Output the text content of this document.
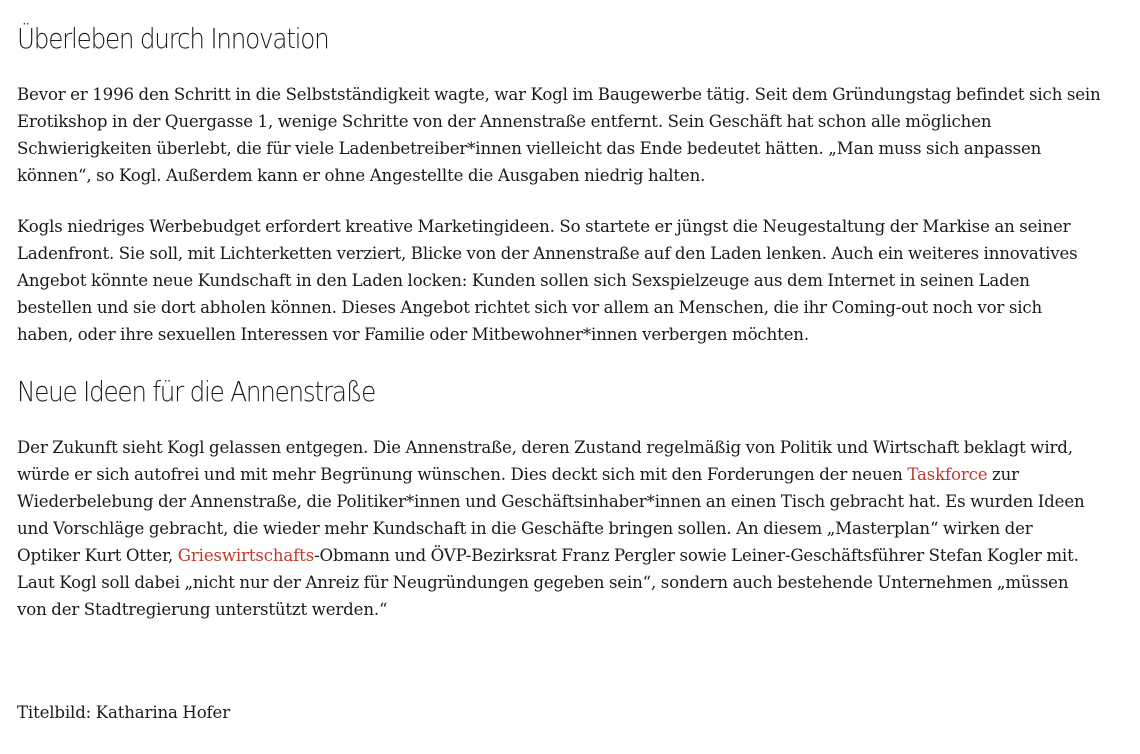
Überleben durch Innovation

Bevor er 1996 den Schritt in die Selbstständigkeit wagte, war Kogl im Baugewerbe tätig. Seit dem Gründungstag befindet sich sein
Erotikshop in der Quergasse 1, wenige Schritte von der Annenstraße entfernt. Sein Geschäft hat schon alle möglichen
Schwierigkeiten überlebt, die für viele Ladenbetreiber*innen vielleicht das Ende bedeutet hätten. „Man muss sich anpassen
können“, so Kogl. Außerdem kann er ohne Angestellte die Ausgaben niedrig halten.

Kogls niedriges Werbebudget erfordert kreative Marketingideen. So startete er jüngst die Neugestaltung der Markise an seiner
Ladenfront. Sie soll, mit Lichterketten verziert, Blicke von der Annenstraße auf den Laden lenken. Auch ein weiteres innovatives
Angebot könnte neue Kundschaft in den Laden locken: Kunden sollen sich Sexspielzeuge aus dem Internet in seinen Laden
bestellen und sie dort abholen können. Dieses Angebot richtet sich vor allem an Menschen, die ihr Coming-out noch vor sich
haben, oder ihre sexuellen Interessen vor Familie oder Mitbewohner*innen verbergen möchten.

Neue Ideen für die Annenstraße

Der Zukunft sieht Kogl gelassen entgegen. Die Annenstraße, deren Zustand regelmäßig von Politik und Wirtschaft beklagt wird,
würde er sich autofrei und mit mehr Begrünung wünschen. Dies deckt sich mit den Forderungen der neuen Taskforce zur
Wiederbelebung der Annenstraße, die Politiker*innen und Geschäftsinhaber*innen an einen Tisch gebracht hat. Es wurden Ideen
und Vorschläge gebracht, die wieder mehr Kundschaft in die Geschäfte bringen sollen. An diesem „Masterplan“ wirken der
Optiker Kurt Otter, Grieswirtschafts-Obmann und ÖVP-Bezirksrat Franz Pergler sowie Leiner-Geschäftsführer Stefan Kogler mit.
Laut Kogl soll dabei „nicht nur der Anreiz für Neugründungen gegeben sein“, sondern auch bestehende Unternehmen „müssen
von der Stadtregierung unterstützt werden.“

Titelbild: Katharina Hofer
